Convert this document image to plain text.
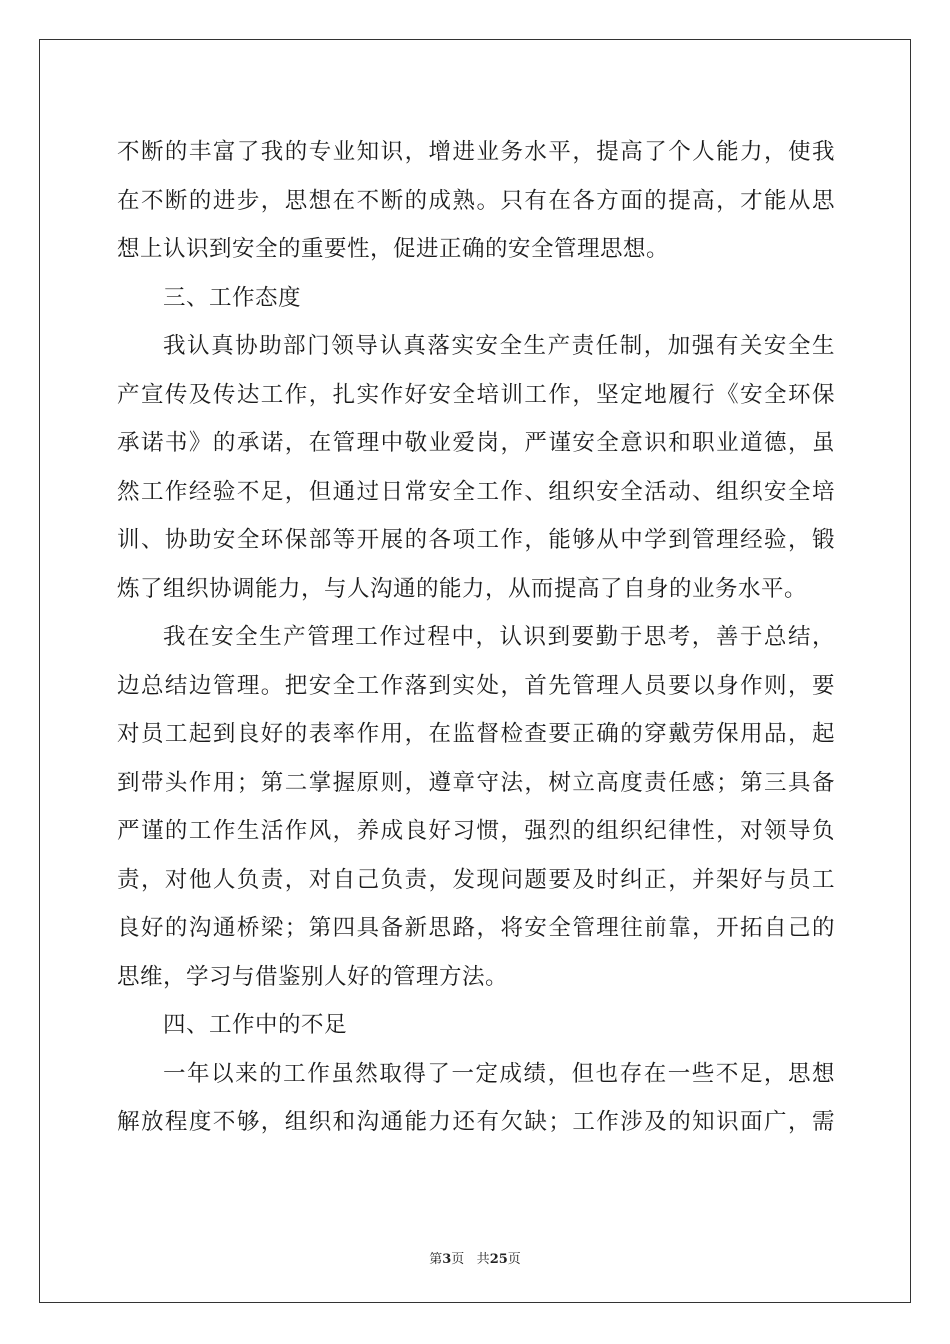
不断的丰富了我的专业知识，增进业务水平，提高了个人能力，使我
在不断的进步，思想在不断的成熟。只有在各方面的提高，才能从思
想上认识到安全的重要性，促进正确的安全管理思想。
三、工作态度
我认真协助部门领导认真落实安全生产责任制，加强有关安全生
产宣传及传达工作，扎实作好安全培训工作，坚定地履行《安全环保
承诺书》的承诺，在管理中敬业爱岗，严谨安全意识和职业道德，虽
然工作经验不足，但通过日常安全工作、组织安全活动、组织安全培
训、协助安全环保部等开展的各项工作，能够从中学到管理经验，锻
炼了组织协调能力，与人沟通的能力，从而提高了自身的业务水平。
我在安全生产管理工作过程中，认识到要勤于思考，善于总结，
边总结边管理。把安全工作落到实处，首先管理人员要以身作则，要
对员工起到良好的表率作用，在监督检查要正确的穿戴劳保用品，起
到带头作用；第二掌握原则，遵章守法，树立高度责任感；第三具备
严谨的工作生活作风，养成良好习惯，强烈的组织纪律性，对领导负
责，对他人负责，对自己负责，发现问题要及时纠正，并架好与员工
良好的沟通桥梁；第四具备新思路，将安全管理往前靠，开拓自己的
思维，学习与借鉴别人好的管理方法。
四、工作中的不足
一年以来的工作虽然取得了一定成绩，但也存在一些不足，思想
解放程度不够，组织和沟通能力还有欠缺；工作涉及的知识面广，需
第3页 共25页
